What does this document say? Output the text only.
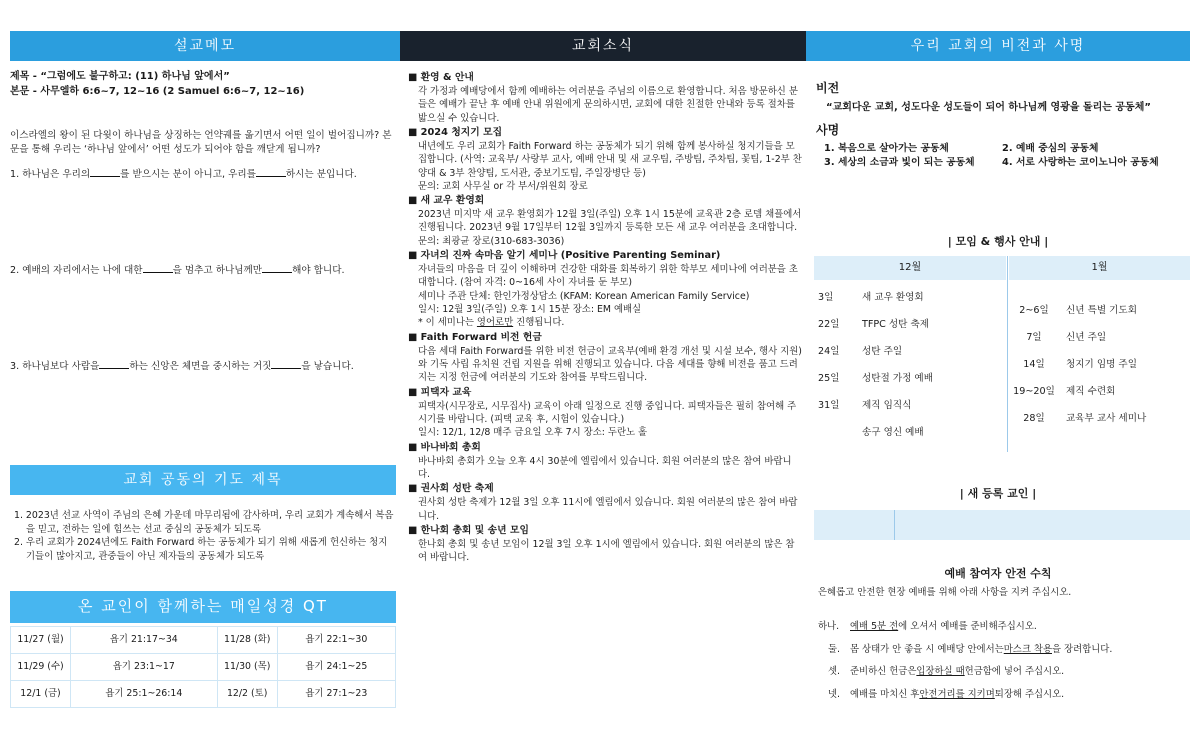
설교메모
제목 - “그럼에도 불구하고: (11) 하나님 앞에서”
본문 - 사무엘하 6:6~7, 12~16 (2 Samuel 6:6~7, 12~16)
이스라엘의 왕이 된 다윗이 하나님을 상징하는 언약궤를 옮기면서 어떤 일이 벌어집니까? 본문을 통해 우리는 ‘하나님 앞에서’ 어떤 성도가 되어야 함을 깨닫게 됩니까?
1. 하나님은 우리의	를 받으시는 분이 아니고, 우리를	하시는 분입니다.
2. 예배의 자리에서는 나에 대한	을 멈추고 하나님께만	해야 합니다.
3. 하나님보다 사람을	하는 신앙은 체면을 중시하는 거짓	을 낳습니다.
교회 공동의 기도 제목
1. 2023년 선교 사역이 주님의 은혜 가운데 마무리됨에 감사하며, 우리 교회가 계속해서 복음을 믿고, 전하는 일에 힘쓰는 선교 중심의 공동체가 되도록
2. 우리 교회가 2024년에도 Faith Forward 하는 공동체가 되기 위해 새롭게 헌신하는 청지기들이 많아지고, 관중들이 아닌 제자들의 공동체가 되도록
온 교인이 함께하는 매일성경 QT
11/27 (월)	욥기 21:17~34	11/28 (화)	욥기 22:1~30
11/29 (수)	욥기 23:1~17	11/30 (목)	욥기 24:1~25
12/1 (금)	욥기 25:1~26:14	12/2 (토)	욥기 27:1~23
교회소식
■ 환영 & 안내
각 가정과 예배당에서 함께 예배하는 여러분을 주님의 이름으로 환영합니다. 처음 방문하신 분들은 예배가 끝난 후 예배 안내 위원에게 문의하시면, 교회에 대한 친절한 안내와 등록 절차를 밟으실 수 있습니다.
■ 2024 청지기 모집
내년에도 우리 교회가 Faith Forward 하는 공동체가 되기 위해 함께 봉사하실 청지기들을 모집합니다. (사역: 교육부/ 사랑부 교사, 예배 안내 및 새 교우팀, 주방팀, 주차팀, 꽃팀, 1-2부 찬양대 & 3부 찬양팀, 도서관, 중보기도팀, 주일장병단 등)
문의: 교회 사무실 or 각 부서/위원회 장로
■ 새 교우 환영회
2023년 미지막 새 교우 환영회가 12월 3일(주일) 오후 1시 15분에 교육관 2층 로뎀 채플에서 진행됩니다. 2023년 9월 17일부터 12월 3일까지 등록한 모든 새 교우 여러분을 초대합니다. 문의: 최광균 장로(310-683-3036)
■ 자녀의 진짜 속마음 알기 세미나 (Positive Parenting Seminar)
자녀들의 마음을 더 깊이 이해하며 건강한 대화를 회복하기 위한 학부모 세미나에 여러분을 초대합니다. (참여 자격: 0~16세 사이 자녀를 둔 부모)
세미나 주관 단체: 한인가정상담소 (KFAM: Korean American Family Service)
일시: 12월 3일(주일) 오후 1시 15분 장소: EM 예배실
* 이 세미나는 영어로만 진행됩니다.
■ Faith Forward 비전 헌금
다음 세대 Faith Forward를 위한 비전 헌금이 교육부(예배 환경 개선 및 시설 보수, 행사 지원)와 기독 사립 유치원 건립 지원을 위해 진행되고 있습니다. 다음 세대를 향해 비전을 품고 드려지는 지정 헌금에 여러분의 기도와 참여를 부탁드립니다.
■ 피택자 교육
피택자(시무장로, 시무집사) 교육이 아래 일정으로 진행 중입니다. 피택자들은 필히 참여해 주시기를 바랍니다. (피택 교육 후, 시험이 있습니다.)
일시: 12/1, 12/8 매주 금요일 오후 7시 장소: 두란노 홀
■ 바나바회 총회
바나바회 총회가 오늘 오후 4시 30분에 엘림에서 있습니다. 회원 여러분의 많은 참여 바랍니다.
■ 권사회 성탄 축제
권사회 성탄 축제가 12월 3일 오후 11시에 엘림에서 있습니다. 회원 여러분의 많은 참여 바랍니다.
■ 한나회 총회 및 송년 모임
한나회 총회 및 송년 모임이 12월 3일 오후 1시에 엘림에서 있습니다. 회원 여러분의 많은 참여 바랍니다.
우리 교회의 비전과 사명
비전
“교회다운 교회, 성도다운 성도들이 되어 하나님께 영광을 돌리는 공동체”
사명
1. 복음으로 살아가는 공동체	2. 예배 중심의 공동체
3. 세상의 소금과 빛이 되는 공동체	4. 서로 사랑하는 코이노니아 공동체
| 모임 & 행사 안내 |
12월	1월
3일	새 교우 환영회
22일	TFPC 성탄 축제
24일	성탄 주일
25일	성탄절 가정 예배
31일	제직 임직식
송구 영신 예배
2~6일	신년 특별 기도회
7일	신년 주일
14일	청지기 임명 주일
19~20일	제직 수련회
28일	교육부 교사 세미나
| 새 등록 교인 |
예배 참여자 안전 수칙
은혜롭고 안전한 현장 예배를 위해 아래 사항을 지켜 주십시오.
하나.	예배 5분 전 에 오셔서 예배를 준비해주십시오.
둘.	몸 상태가 안 좋을 시 예배당 안에서는 마스크 착용 을 장려합니다.
셋.	준비하신 헌금은 입장하실 때 헌금함에 넣어 주십시오.
넷.	예배를 마치신 후 안전거리를 지키며 퇴장해 주십시오.
